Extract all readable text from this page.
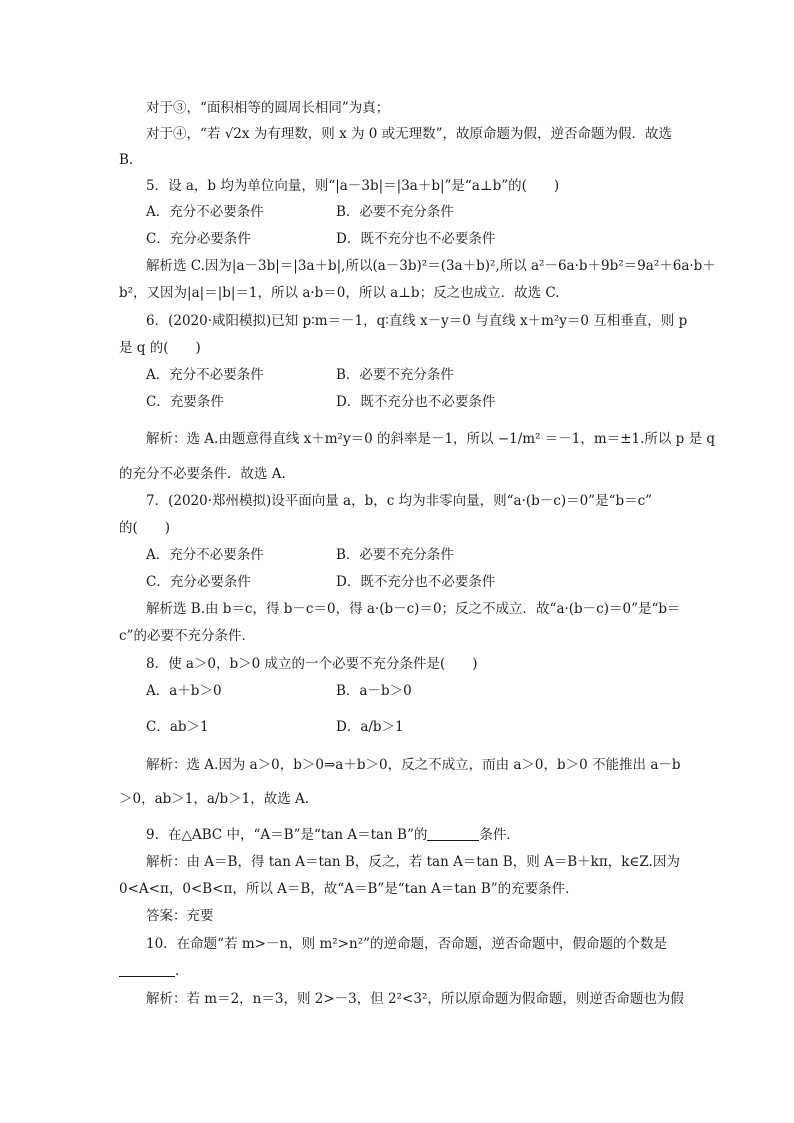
对于③，“面积相等的圆周长相同”为真；
对于④，“若 √2x 为有理数，则 x 为 0 或无理数”，故原命题为假，逆否命题为假．故选
B.
5．设 a，b 均为单位向量，则“|a－3b|＝|3a＋b|”是“a⊥b”的(　　)
A．充分不必要条件	B．必要不充分条件
C．充分必要条件	D．既不充分也不必要条件
解析选 C.因为|a－3b|＝|3a＋b|,所以(a－3b)²＝(3a＋b)²,所以 a²－6a·b＋9b²＝9a²＋6a·b＋
b²，又因为|a|＝|b|＝1，所以 a·b＝0，所以 a⊥b；反之也成立．故选 C.
6．(2020·咸阳模拟)已知 p∶m＝－1，q∶直线 x－y＝0 与直线 x＋m²y＝0 互相垂直，则 p
是 q 的(　　)
A．充分不必要条件	B．必要不充分条件
C．充要条件	D．既不充分也不必要条件
解析：选 A.由题意得直线 x＋m²y＝0 的斜率是－1，所以 −1/m² ＝－1，m＝±1.所以 p 是 q
的充分不必要条件．故选 A.
7．(2020·郑州模拟)设平面向量 a，b，c 均为非零向量，则“a·(b－c)＝0”是“b＝c”
的(　　)
A．充分不必要条件	B．必要不充分条件
C．充分必要条件	D．既不充分也不必要条件
解析选 B.由 b＝c，得 b－c＝0，得 a·(b－c)＝0；反之不成立．故“a·(b－c)＝0”是“b＝
c”的必要不充分条件．
8．使 a＞0，b＞0 成立的一个必要不充分条件是(　　)
A．a＋b＞0	B．a－b＞0
C．ab＞1	D．a/b＞1
解析：选 A.因为 a＞0，b＞0⇒a＋b＞0，反之不成立，而由 a＞0，b＞0 不能推出 a－b
＞0，ab＞1，a/b＞1，故选 A.
9．在△ABC 中，“A＝B”是“tan A＝tan B”的	条件．
解析：由 A＝B，得 tan A＝tan B，反之，若 tan A＝tan B，则 A＝B＋kπ，k∈Z.因为
0<A<π，0<B<π，所以 A＝B，故“A＝B”是“tan A＝tan B”的充要条件．
答案：充要
10．在命题“若 m>－n，则 m²>n²”的逆命题，否命题，逆否命题中，假命题的个数是
．
解析：若 m＝2，n＝3，则 2>－3，但 2²<3²，所以原命题为假命题，则逆否命题也为假
